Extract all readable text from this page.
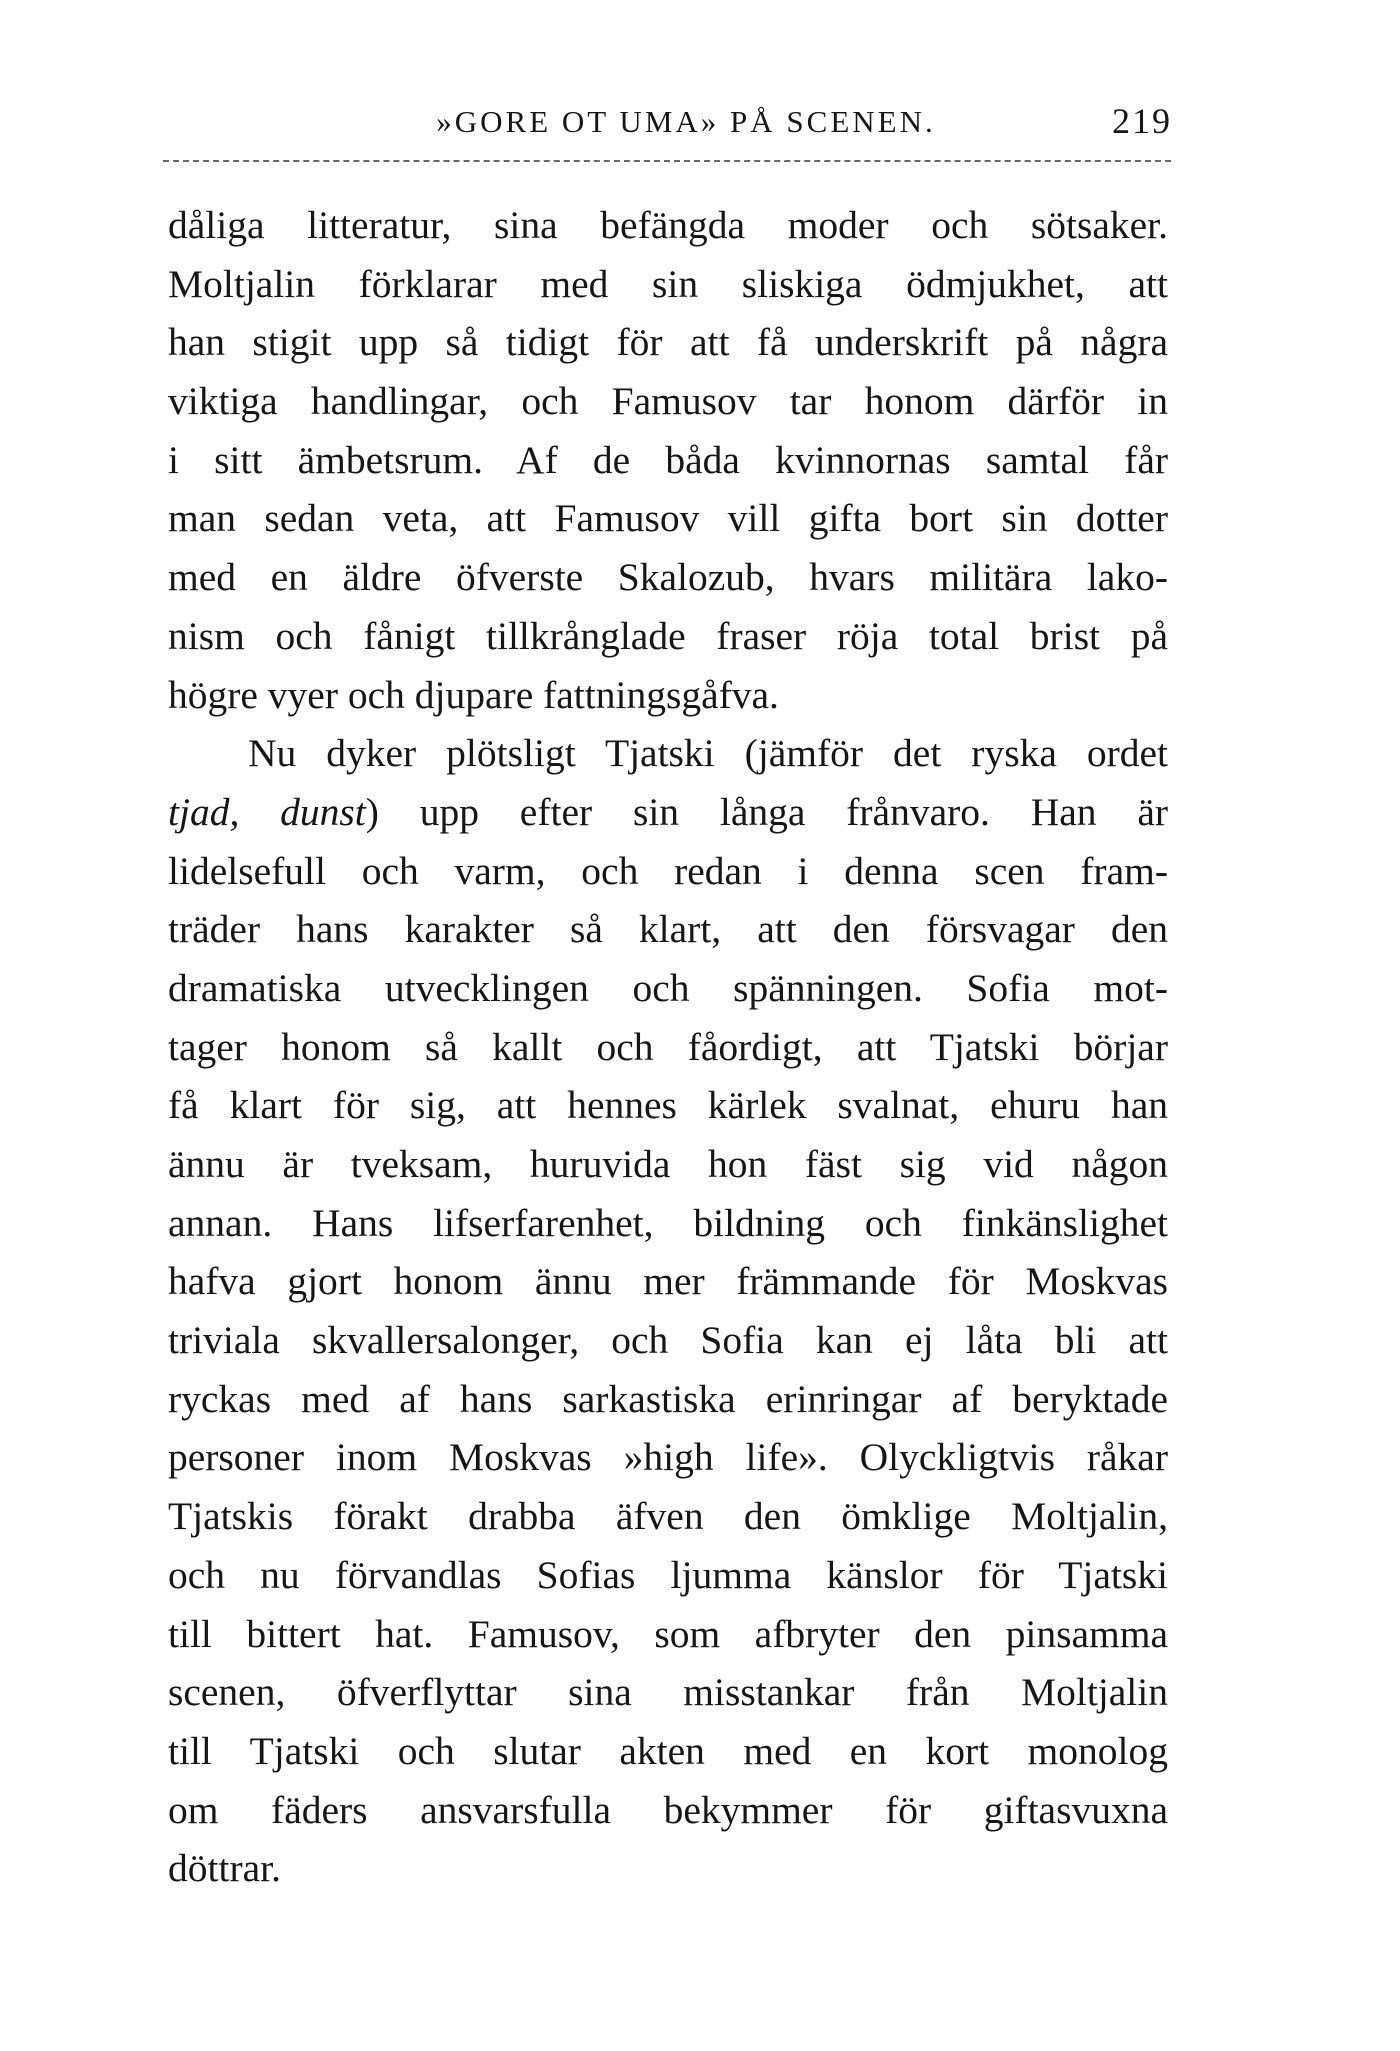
»GORE OT UMA» PÅ SCENEN.	219
dåliga litteratur, sina befängda moder och sötsaker.
Moltjalin förklarar med sin sliskiga ödmjukhet, att
han stigit upp så tidigt för att få underskrift på några
viktiga handlingar, och Famusov tar honom därför in
i sitt ämbetsrum. Af de båda kvinnornas samtal får
man sedan veta, att Famusov vill gifta bort sin dotter
med en äldre öfverste Skalozub, hvars militära lako-
nism och fånigt tillkrånglade fraser röja total brist på
högre vyer och djupare fattningsgåfva.
Nu dyker plötsligt Tjatski (jämför det ryska ordet
tjad, dunst) upp efter sin långa frånvaro. Han är
lidelsefull och varm, och redan i denna scen fram-
träder hans karakter så klart, att den försvagar den
dramatiska utvecklingen och spänningen. Sofia mot-
tager honom så kallt och fåordigt, att Tjatski börjar
få klart för sig, att hennes kärlek svalnat, ehuru han
ännu är tveksam, huruvida hon fäst sig vid någon
annan. Hans lifserfarenhet, bildning och finkänslighet
hafva gjort honom ännu mer främmande för Moskvas
triviala skvallersalonger, och Sofia kan ej låta bli att
ryckas med af hans sarkastiska erinringar af beryktade
personer inom Moskvas »high life». Olyckligtvis råkar
Tjatskis förakt drabba äfven den ömklige Moltjalin,
och nu förvandlas Sofias ljumma känslor för Tjatski
till bittert hat. Famusov, som afbryter den pinsamma
scenen, öfverflyttar sina misstankar från Moltjalin
till Tjatski och slutar akten med en kort monolog
om fäders ansvarsfulla bekymmer för giftasvuxna
döttrar.
